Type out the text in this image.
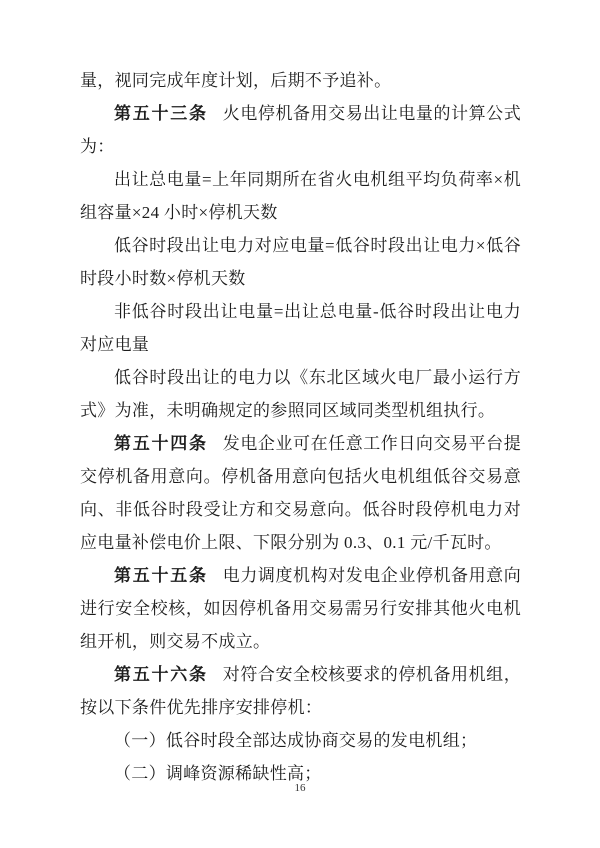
量，视同完成年度计划，后期不予追补。

第五十三条 火电停机备用交易出让电量的计算公式为：

出让总电量=上年同期所在省火电机组平均负荷率×机组容量×24 小时×停机天数

低谷时段出让电力对应电量=低谷时段出让电力×低谷时段小时数×停机天数

非低谷时段出让电量=出让总电量-低谷时段出让电力对应电量

低谷时段出让的电力以《东北区域火电厂最小运行方式》为准，未明确规定的参照同区域同类型机组执行。

第五十四条 发电企业可在任意工作日向交易平台提交停机备用意向。停机备用意向包括火电机组低谷交易意向、非低谷时段受让方和交易意向。低谷时段停机电力对应电量补偿电价上限、下限分别为 0.3、0.1 元/千瓦时。

第五十五条 电力调度机构对发电企业停机备用意向进行安全校核，如因停机备用交易需另行安排其他火电机组开机，则交易不成立。

第五十六条 对符合安全校核要求的停机备用机组，按以下条件优先排序安排停机：

（一）低谷时段全部达成协商交易的发电机组；

（二）调峰资源稀缺性高；

16
